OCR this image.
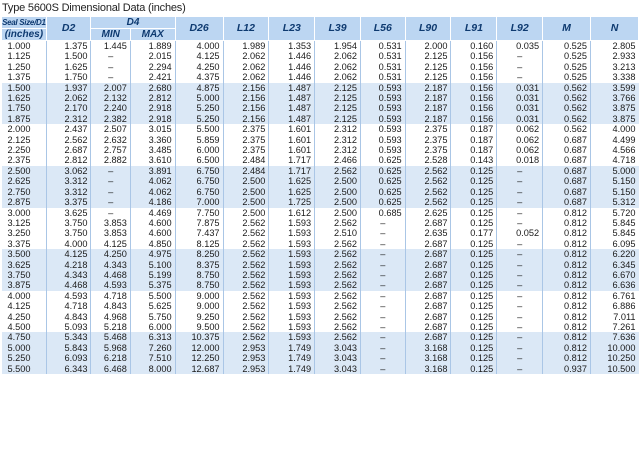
Type 5600S Dimensional Data (inches)
Seal Size/D1	D2	D4		D26	L12	L23	L39	L56	L90	L91	L92	M	N
(inches)		MIN	MAX										
1.000	1.375	1.445	1.889	4.000	1.989	1.353	1.954	0.531	2.000	0.160	0.035	0.525	2.805
1.125	1.500	–	2.015	4.125	2.062	1.446	2.062	0.531	2.125	0.156	–	0.525	2.933
1.250	1.625	–	2.294	4.250	2.062	1.446	2.062	0.531	2.125	0.156	–	0.525	3.213
1.375	1.750	–	2.421	4.375	2.062	1.446	2.062	0.531	2.125	0.156	–	0.525	3.338
1.500	1.937	2.007	2.680	4.875	2.156	1.487	2.125	0.593	2.187	0.156	0.031	0.562	3.599
1.625	2.062	2.132	2.812	5.000	2.156	1.487	2.125	0.593	2.187	0.156	0.031	0.562	3.766
1.750	2.170	2.240	2.918	5.250	2.156	1.487	2.125	0.593	2.187	0.156	0.031	0.562	3.875
1.875	2.312	2.382	2.918	5.250	2.156	1.487	2.125	0.593	2.187	0.156	0.031	0.562	3.875
2.000	2.437	2.507	3.015	5.500	2.375	1.601	2.312	0.593	2.375	0.187	0.062	0.562	4.000
2.125	2.562	2.632	3.360	5.859	2.375	1.601	2.312	0.593	2.375	0.187	0.062	0.687	4.499
2.250	2.687	2.757	3.485	6.000	2.375	1.601	2.312	0.593	2.375	0.187	0.062	0.687	4.566
2.375	2.812	2.882	3.610	6.500	2.484	1.717	2.466	0.625	2.528	0.143	0.018	0.687	4.718
2.500	3.062	–	3.891	6.750	2.484	1.717	2.562	0.625	2.562	0.125	–	0.687	5.000
2.625	3.312	–	4.062	6.750	2.500	1.625	2.500	0.625	2.562	0.125	–	0.687	5.150
2.750	3.312	–	4.062	6.750	2.500	1.625	2.500	0.625	2.562	0.125	–	0.687	5.150
2.875	3.375	–	4.186	7.000	2.500	1.725	2.500	0.625	2.562	0.125	–	0.687	5.312
3.000	3.625	–	4.469	7.750	2.500	1.612	2.500	0.685	2.625	0.125	–	0.812	5.720
3.125	3.750	3.853	4.600	7.875	2.562	1.593	2.562	–	2.687	0.125	–	0.812	5.845
3.250	3.750	3.853	4.600	7.437	2.562	1.593	2.510	–	2.635	0.177	0.052	0.812	5.845
3.375	4.000	4.125	4.850	8.125	2.562	1.593	2.562	–	2.687	0.125	–	0.812	6.095
3.500	4.125	4.250	4.975	8.250	2.562	1.593	2.562	–	2.687	0.125	–	0.812	6.220
3.625	4.218	4.343	5.100	8.375	2.562	1.593	2.562	–	2.687	0.125	–	0.812	6.345
3.750	4.343	4.468	5.199	8.750	2.562	1.593	2.562	–	2.687	0.125	–	0.812	6.670
3.875	4.468	4.593	5.375	8.750	2.562	1.593	2.562	–	2.687	0.125	–	0.812	6.636
4.000	4.593	4.718	5.500	9.000	2.562	1.593	2.562	–	2.687	0.125	–	0.812	6.761
4.125	4.718	4.843	5.625	9.000	2.562	1.593	2.562	–	2.687	0.125	–	0.812	6.886
4.250	4.843	4.968	5.750	9.250	2.562	1.593	2.562	–	2.687	0.125	–	0.812	7.011
4.500	5.093	5.218	6.000	9.500	2.562	1.593	2.562	–	2.687	0.125	–	0.812	7.261
4.750	5.343	5.468	6.313	10.375	2.562	1.593	2.562	–	2.687	0.125	–	0.812	7.636
5.000	5.843	5.968	7.260	12.000	2.953	1.749	3.043	–	3.168	0.125	–	0.812	10.000
5.250	6.093	6.218	7.510	12.250	2.953	1.749	3.043	–	3.168	0.125	–	0.812	10.250
5.500	6.343	6.468	8.000	12.687	2.953	1.749	3.043	–	3.168	0.125	–	0.937	10.500
